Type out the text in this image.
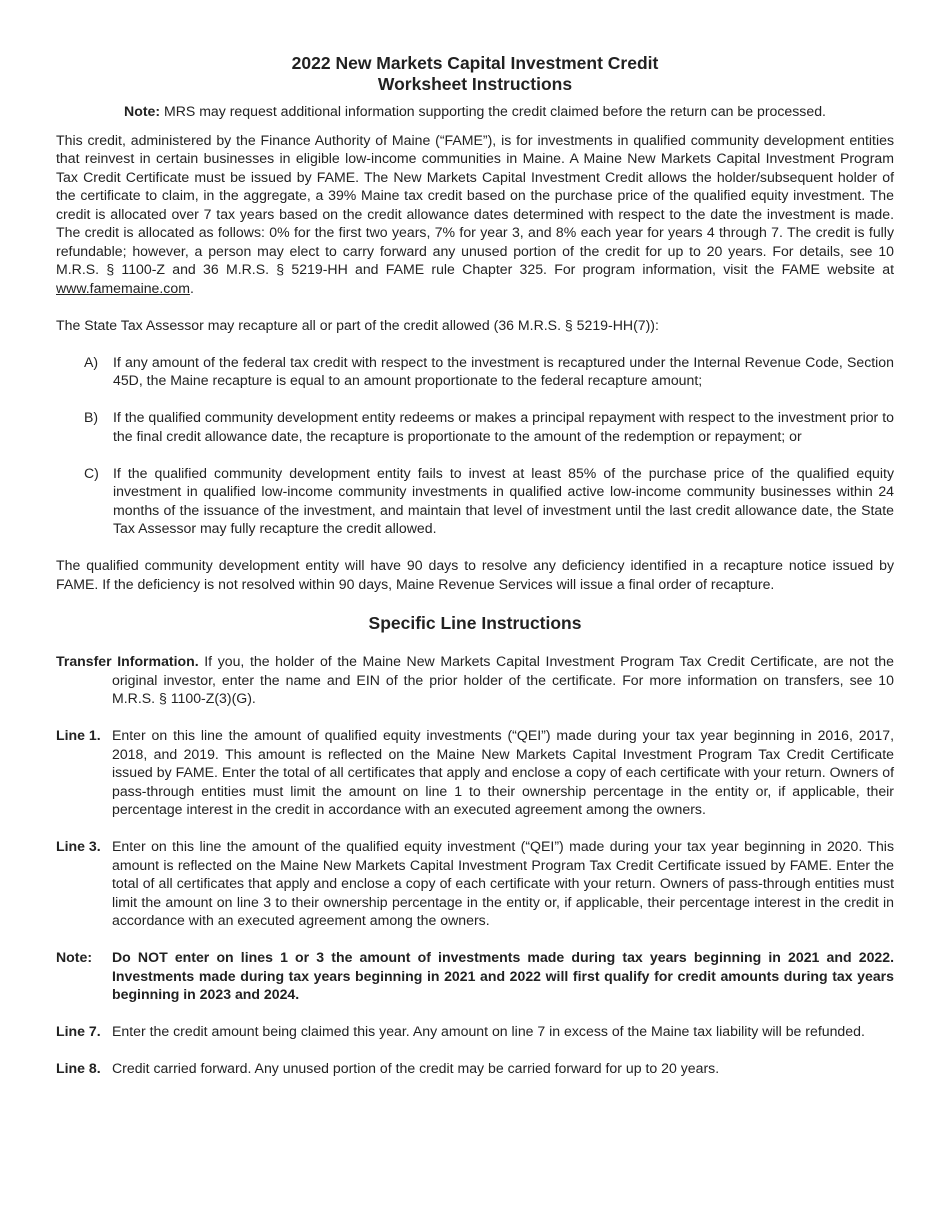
2022 New Markets Capital Investment Credit
Worksheet Instructions

Note: MRS may request additional information supporting the credit claimed before the return can be processed.

This credit, administered by the Finance Authority of Maine (“FAME”), is for investments in qualified community development entities that reinvest in certain businesses in eligible low-income communities in Maine. A Maine New Markets Capital Investment Program Tax Credit Certificate must be issued by FAME. The New Markets Capital Investment Credit allows the holder/subsequent holder of the certificate to claim, in the aggregate, a 39% Maine tax credit based on the purchase price of the qualified equity investment. The credit is allocated over 7 tax years based on the credit allowance dates determined with respect to the date the investment is made. The credit is allocated as follows: 0% for the first two years, 7% for year 3, and 8% each year for years 4 through 7. The credit is fully refundable; however, a person may elect to carry forward any unused portion of the credit for up to 20 years. For details, see 10 M.R.S. § 1100-Z and 36 M.R.S. § 5219-HH and FAME rule Chapter 325. For program information, visit the FAME website at www.famemaine.com.

The State Tax Assessor may recapture all or part of the credit allowed (36 M.R.S. § 5219-HH(7)):

A)	If any amount of the federal tax credit with respect to the investment is recaptured under the Internal Revenue Code, Section 45D, the Maine recapture is equal to an amount proportionate to the federal recapture amount;
B)	If the qualified community development entity redeems or makes a principal repayment with respect to the investment prior to the final credit allowance date, the recapture is proportionate to the amount of the redemption or repayment; or
C)	If the qualified community development entity fails to invest at least 85% of the purchase price of the qualified equity investment in qualified low-income community investments in qualified active low-income community businesses within 24 months of the issuance of the investment, and maintain that level of investment until the last credit allowance date, the State Tax Assessor may fully recapture the credit allowed.

The qualified community development entity will have 90 days to resolve any deficiency identified in a recapture notice issued by FAME. If the deficiency is not resolved within 90 days, Maine Revenue Services will issue a final order of recapture.

Specific Line Instructions

Transfer Information. If you, the holder of the Maine New Markets Capital Investment Program Tax Credit Certificate, are not the original investor, enter the name and EIN of the prior holder of the certificate. For more information on transfers, see 10 M.R.S. § 1100-Z(3)(G).

Line 1. Enter on this line the amount of qualified equity investments (“QEI”) made during your tax year beginning in 2016, 2017, 2018, and 2019. This amount is reflected on the Maine New Markets Capital Investment Program Tax Credit Certificate issued by FAME. Enter the total of all certificates that apply and enclose a copy of each certificate with your return. Owners of pass-through entities must limit the amount on line 1 to their ownership percentage in the entity or, if applicable, their percentage interest in the credit in accordance with an executed agreement among the owners.
Line 3. Enter on this line the amount of the qualified equity investment (“QEI”) made during your tax year beginning in 2020. This amount is reflected on the Maine New Markets Capital Investment Program Tax Credit Certificate issued by FAME. Enter the total of all certificates that apply and enclose a copy of each certificate with your return. Owners of pass-through entities must limit the amount on line 3 to their ownership percentage in the entity or, if applicable, their percentage interest in the credit in accordance with an executed agreement among the owners.
Note:	Do NOT enter on lines 1 or 3 the amount of investments made during tax years beginning in 2021 and 2022. Investments made during tax years beginning in 2021 and 2022 will first qualify for credit amounts during tax years beginning in 2023 and 2024.
Line 7. Enter the credit amount being claimed this year. Any amount on line 7 in excess of the Maine tax liability will be refunded.
Line 8. Credit carried forward. Any unused portion of the credit may be carried forward for up to 20 years.
